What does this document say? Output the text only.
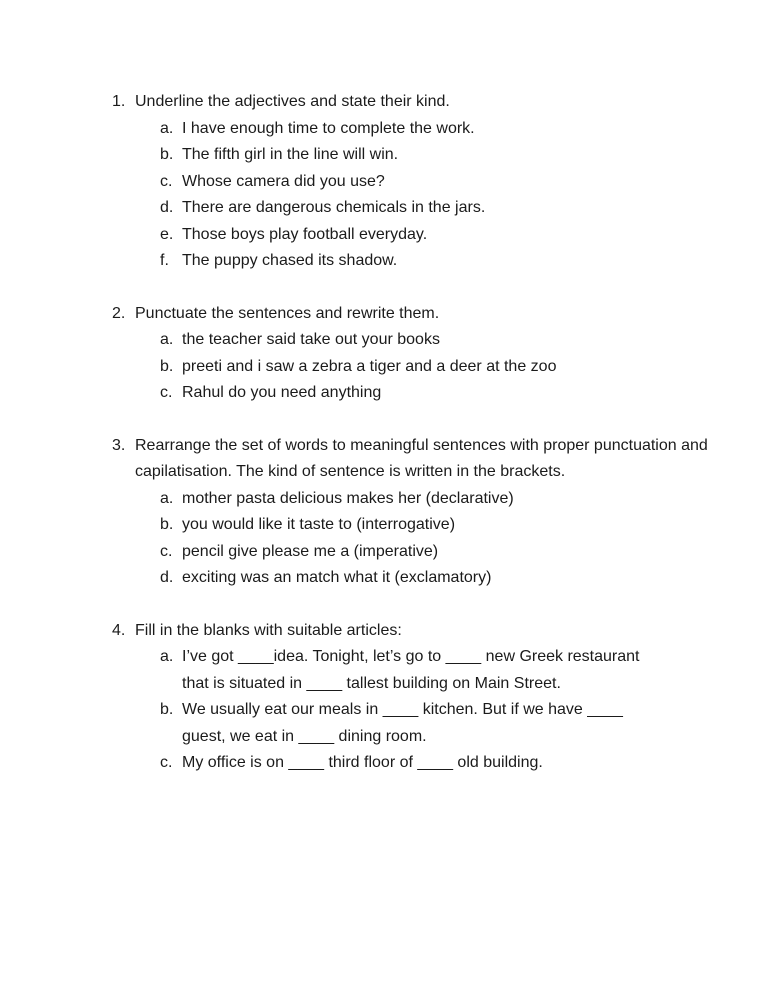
1. Underline the adjectives and state their kind.
a. I have enough time to complete the work.
b. The fifth girl in the line will win.
c. Whose camera did you use?
d. There are dangerous chemicals in the jars.
e. Those boys play football everyday.
f. The puppy chased its shadow.
2. Punctuate the sentences and rewrite them.
a. the teacher said take out your books
b. preeti and i saw a zebra a tiger and a deer at the zoo
c. Rahul do you need anything
3. Rearrange the set of words to meaningful sentences with proper punctuation and capilatisation. The kind of sentence is written in the brackets.
a. mother pasta delicious makes her (declarative)
b. you would like it taste to (interrogative)
c. pencil give please me a (imperative)
d. exciting was an match what it (exclamatory)
4. Fill in the blanks with suitable articles:
a. I’ve got ____idea. Tonight, let’s go to ____ new Greek restaurant that is situated in ____ tallest building on Main Street.
b. We usually eat our meals in ____ kitchen. But if we have ____ guest, we eat in ____ dining room.
c. My office is on ____ third floor of ____ old building.
